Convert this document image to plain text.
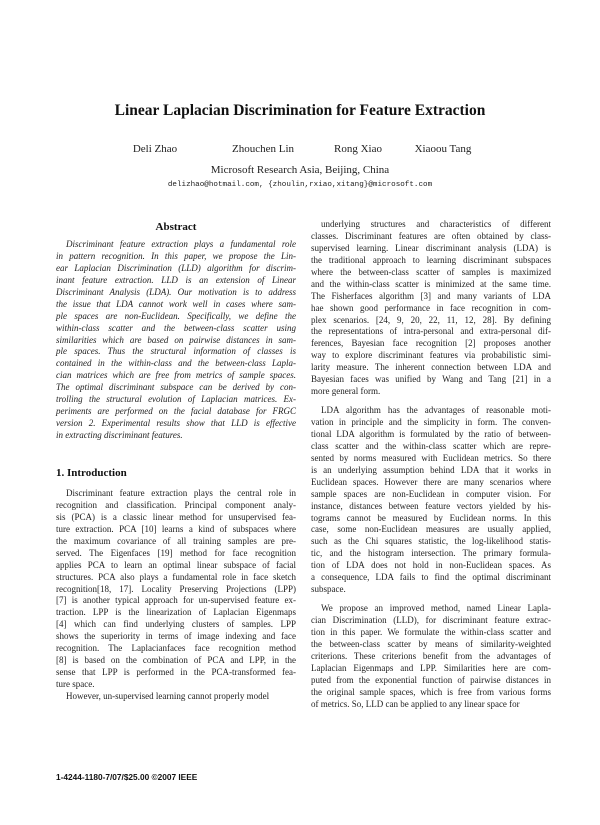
Linear Laplacian Discrimination for Feature Extraction
Deli Zhao	Zhouchen Lin	Rong Xiao	Xiaoou Tang
Microsoft Research Asia, Beijing, China
delizhao@hotmail.com, {zhoulin,rxiao,xitang}@microsoft.com
Abstract
Discriminant feature extraction plays a fundamental role
in pattern recognition. In this paper, we propose the Lin-
ear Laplacian Discrimination (LLD) algorithm for discrim-
inant feature extraction. LLD is an extension of Linear
Discriminant Analysis (LDA). Our motivation is to address
the issue that LDA cannot work well in cases where sam-
ple spaces are non-Euclidean. Specifically, we define the
within-class scatter and the between-class scatter using
similarities which are based on pairwise distances in sam-
ple spaces. Thus the structural information of classes is
contained in the within-class and the between-class Lapla-
cian matrices which are free from metrics of sample spaces.
The optimal discriminant subspace can be derived by con-
trolling the structural evolution of Laplacian matrices. Ex-
periments are performed on the facial database for FRGC
version 2. Experimental results show that LLD is effective
in extracting discriminant features.
1. Introduction
Discriminant feature extraction plays the central role in
recognition and classification. Principal component analy-
sis (PCA) is a classic linear method for unsupervised fea-
ture extraction. PCA [10] learns a kind of subspaces where
the maximum covariance of all training samples are pre-
served. The Eigenfaces [19] method for face recognition
applies PCA to learn an optimal linear subspace of facial
structures. PCA also plays a fundamental role in face sketch
recognition[18, 17]. Locality Preserving Projections (LPP)
[7] is another typical approach for un-supervised feature ex-
traction. LPP is the linearization of Laplacian Eigenmaps
[4] which can find underlying clusters of samples. LPP
shows the superiority in terms of image indexing and face
recognition. The Laplacianfaces face recognition method
[8] is based on the combination of PCA and LPP, in the
sense that LPP is performed in the PCA-transformed fea-
ture space.
However, un-supervised learning cannot properly model
underlying structures and characteristics of different
classes. Discriminant features are often obtained by class-
supervised learning. Linear discriminant analysis (LDA) is
the traditional approach to learning discriminant subspaces
where the between-class scatter of samples is maximized
and the within-class scatter is minimized at the same time.
The Fisherfaces algorithm [3] and many variants of LDA
hae shown good performance in face recognition in com-
plex scenarios. [24, 9, 20, 22, 11, 12, 28]. By defining
the representations of intra-personal and extra-personal dif-
ferences, Bayesian face recognition [2] proposes another
way to explore discriminant features via probabilistic simi-
larity measure. The inherent connection between LDA and
Bayesian faces was unified by Wang and Tang [21] in a
more general form.
LDA algorithm has the advantages of reasonable moti-
vation in principle and the simplicity in form. The conven-
tional LDA algorithm is formulated by the ratio of between-
class scatter and the within-class scatter which are repre-
sented by norms measured with Euclidean metrics. So there
is an underlying assumption behind LDA that it works in
Euclidean spaces. However there are many scenarios where
sample spaces are non-Euclidean in computer vision. For
instance, distances between feature vectors yielded by his-
tograms cannot be measured by Euclidean norms. In this
case, some non-Euclidean measures are usually applied,
such as the Chi squares statistic, the log-likelihood statis-
tic, and the histogram intersection. The primary formula-
tion of LDA does not hold in non-Euclidean spaces. As
a consequence, LDA fails to find the optimal discriminant
subspace.
We propose an improved method, named Linear Lapla-
cian Discrimination (LLD), for discriminant feature extrac-
tion in this paper. We formulate the within-class scatter and
the between-class scatter by means of similarity-weighted
criterions. These criterions benefit from the advantages of
Laplacian Eigenmaps and LPP. Similarities here are com-
puted from the exponential function of pairwise distances in
the original sample spaces, which is free from various forms
of metrics. So, LLD can be applied to any linear space for
1-4244-1180-7/07/$25.00 ©2007 IEEE
